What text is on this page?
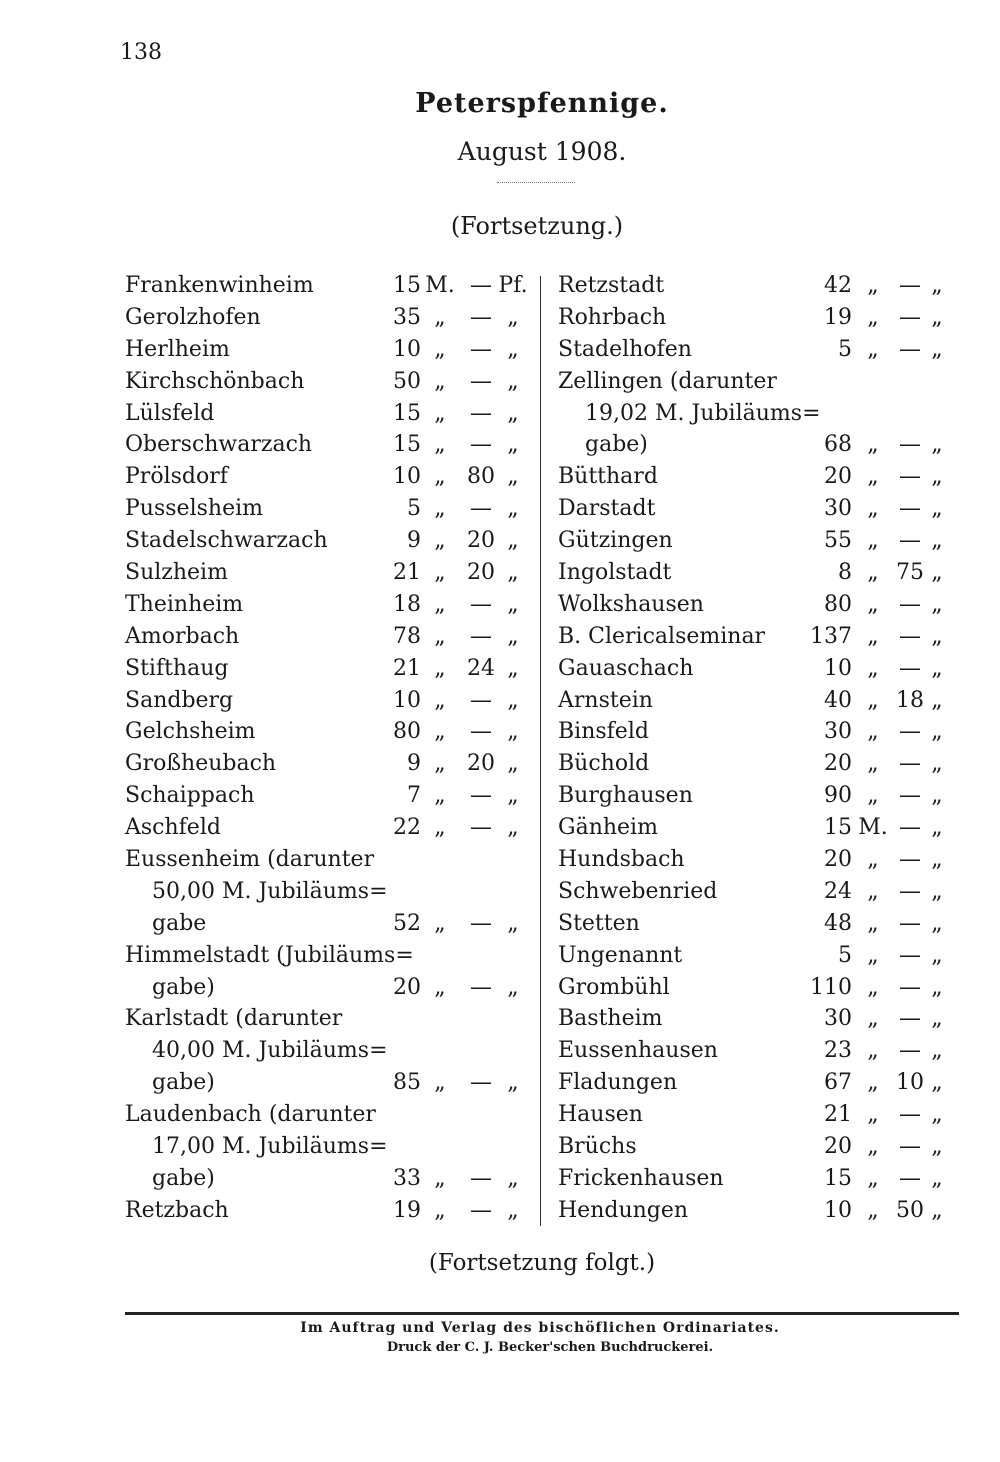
138
Peterspfennige.
August 1908.
(Fortsetzung.)
Frankenwinheim	15 M. — Pf.
Gerolzhofen	35 „	— „
Herlheim	10 „	— „
Kirchschönbach	50 „	— „
Lülsfeld	15 „	— „
Oberschwarzach	15 „	— „
Prölsdorf	10 „ 80 „
Pusselsheim	5 „	— „
Stadelschwarzach	9 „ 20 „
Sulzheim	21 „ 20 „
Theinheim	18 „	— „
Amorbach	78 „	— „
Stifthaug	21 „ 24 „
Sandberg	10 „	— „
Gelchsheim	80 „	— „
Großheubach	9 „ 20 „
Schaippach	7 „	— „
Aschfeld	22 „	— „
Eussenheim (darunter
50,00 M. Jubiläums=
gabe	52 „	— „
Himmelstadt (Jubiläums=
gabe)	20 „	— „
Karlstadt (darunter
40,00 M. Jubiläums=
gabe)	85 „	— „
Laudenbach (darunter
17,00 M. Jubiläums=
gabe)	33 „	— „
Retzbach	19 „	— „
Retzstadt	42 „ — „
Rohrbach	19 „ — „
Stadelhofen	5 „ — „
Zellingen (darunter
19,02 M. Jubiläums=
gabe)	68 „ — „
Bütthard	20 „ — „
Darstadt	30 „ — „
Gützingen	55 „ — „
Ingolstadt	8 „ 75 „
Wolkshausen	80 „ — „
B. Clericalseminar 137 „ — „
Gauaschach	10 „ — „
Arnstein	40 „ 18 „
Binsfeld	30 „ — „
Büchold	20 „ — „
Burghausen	90 „ — „
Gänheim	15 M. — „
Hundsbach	20 „ — „
Schwebenried	24 „ — „
Stetten	48 „ — „
Ungenannt	5 „ — „
Grombühl	110 „ — „
Bastheim	30 „ — „
Eussenhausen	23 „ — „
Fladungen	67 „ 10 „
Hausen	21 „ — „
Brüchs	20 „ — „
Frickenhausen	15 „ — „
Hendungen	10 „ 50 „
(Fortsetzung folgt.)
Im Auftrag und Verlag des bischöflichen Ordinariates.
Druck der C. J. Becker'schen Buchdruckerei.
